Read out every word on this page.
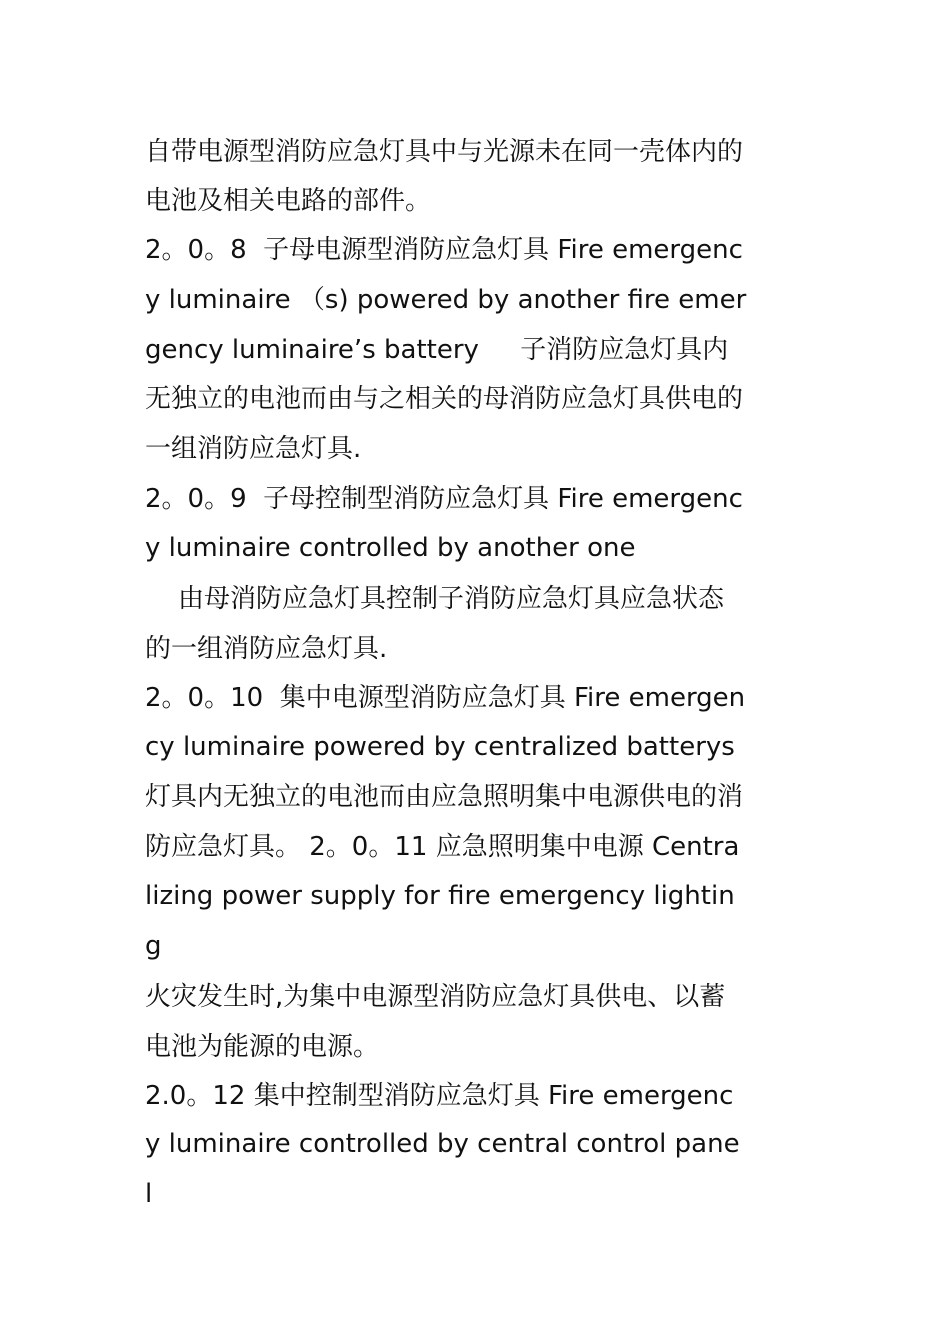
自带电源型消防应急灯具中与光源未在同一壳体内的
电池及相关电路的部件。
2。0。8  子母电源型消防应急灯具 Fire emergenc
y luminaire （s) powered by another fire emer
gency luminaire’s battery     子消防应急灯具内
无独立的电池而由与之相关的母消防应急灯具供电的
一组消防应急灯具.
2。0。9  子母控制型消防应急灯具 Fire emergenc
y luminaire controlled by another one
由母消防应急灯具控制子消防应急灯具应急状态
的一组消防应急灯具.
2。0。10  集中电源型消防应急灯具 Fire emergen
cy luminaire powered by centralized batterys
灯具内无独立的电池而由应急照明集中电源供电的消
防应急灯具。 2。0。11 应急照明集中电源 Centra
lizing power supply for fire emergency lightin
g
火灾发生时,为集中电源型消防应急灯具供电、以蓄
电池为能源的电源。
2.0。12 集中控制型消防应急灯具 Fire emergenc
y luminaire controlled by central control pane
l
